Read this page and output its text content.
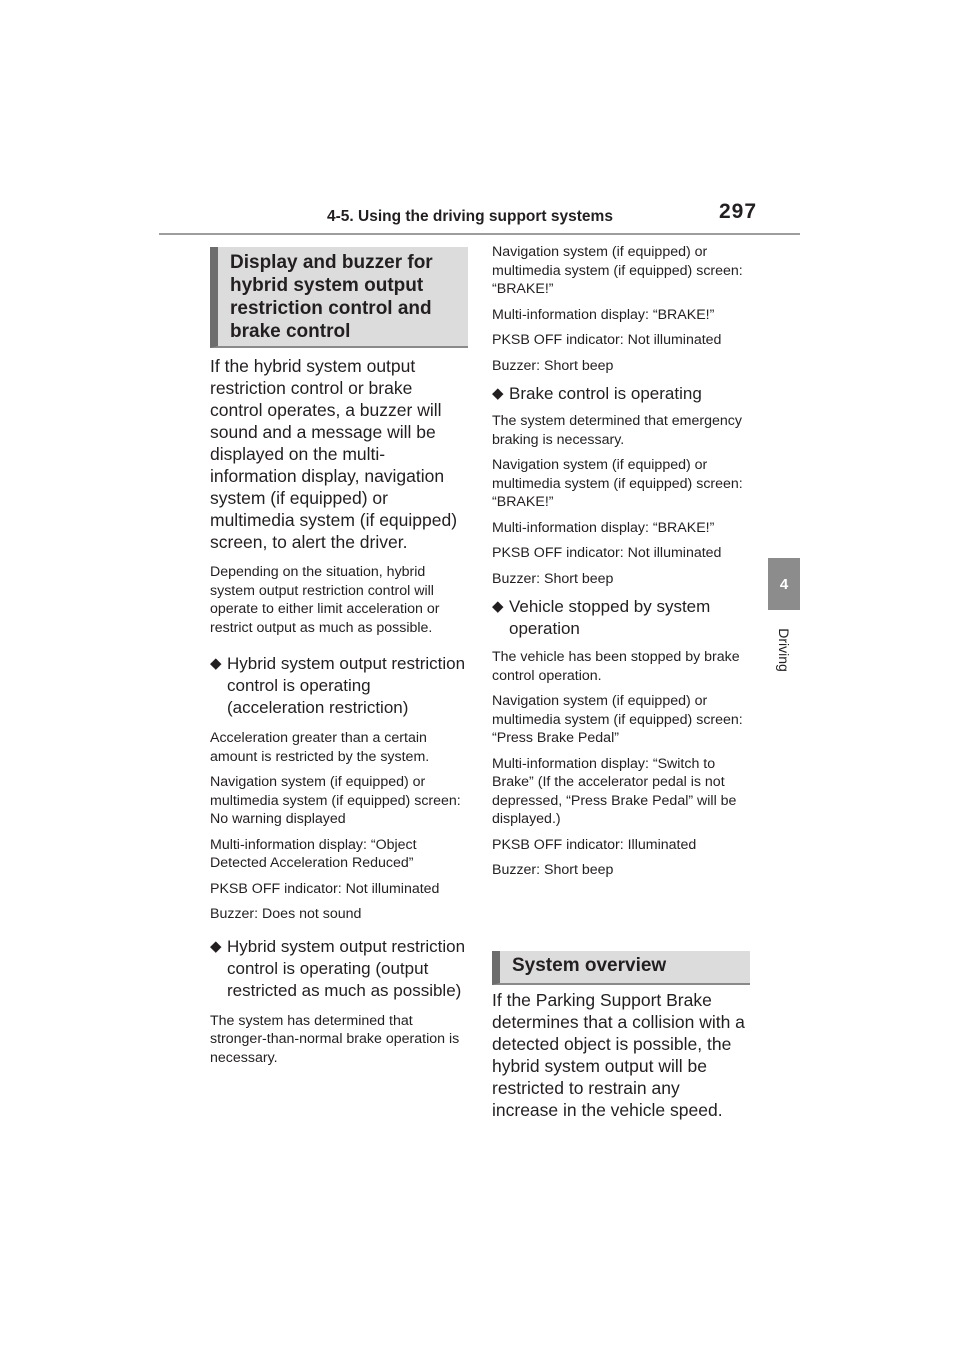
4-5. Using the driving support systems	297
4
Driving
Display and buzzer for hybrid system output restriction control and brake control

If the hybrid system output restriction control or brake control operates, a buzzer will sound and a message will be displayed on the multi-information display, navigation system (if equipped) or multimedia system (if equipped) screen, to alert the driver.

Depending on the situation, hybrid system output restriction control will operate to either limit acceleration or restrict output as much as possible.

◆ Hybrid system output restriction control is operating (acceleration restriction)

Acceleration greater than a certain amount is restricted by the system.

Navigation system (if equipped) or multimedia system (if equipped) screen: No warning displayed

Multi-information display: “Object Detected Acceleration Reduced”

PKSB OFF indicator: Not illuminated

Buzzer: Does not sound

◆ Hybrid system output restriction control is operating (output restricted as much as possible)

The system has determined that stronger-than-normal brake operation is necessary.

Navigation system (if equipped) or multimedia system (if equipped) screen: “BRAKE!”

Multi-information display: “BRAKE!”

PKSB OFF indicator: Not illuminated

Buzzer: Short beep

◆ Brake control is operating

The system determined that emergency braking is necessary.

Navigation system (if equipped) or multimedia system (if equipped) screen: “BRAKE!”

Multi-information display: “BRAKE!”

PKSB OFF indicator: Not illuminated

Buzzer: Short beep

◆ Vehicle stopped by system operation

The vehicle has been stopped by brake control operation.

Navigation system (if equipped) or multimedia system (if equipped) screen: “Press Brake Pedal”

Multi-information display: “Switch to Brake” (If the accelerator pedal is not depressed, “Press Brake Pedal” will be displayed.)

PKSB OFF indicator: Illuminated

Buzzer: Short beep

System overview

If the Parking Support Brake determines that a collision with a detected object is possible, the hybrid system output will be restricted to restrain any increase in the vehicle speed.
